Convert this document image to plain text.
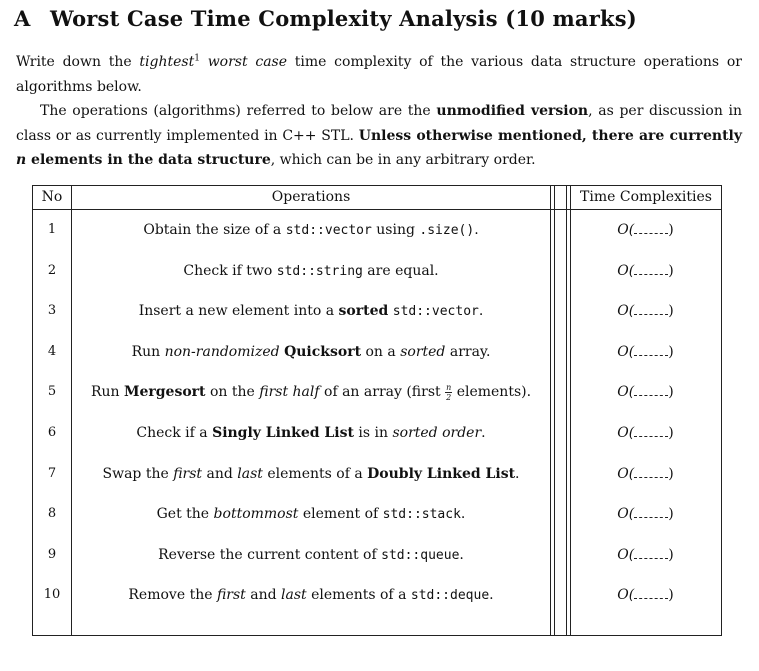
A Worst Case Time Complexity Analysis (10 marks)

Write down the tightest$^1$ worst case time complexity of the various data structure operations or algorithms below.

The operations (algorithms) referred to below are the unmodified version, as per discussion in class or as currently implemented in C++ STL. Unless otherwise mentioned, there are currently n elements in the data structure, which can be in any arbitrary order.

No	Operations	Time Complexities
1	Obtain the size of a std::vector using .size().	O( )
2	Check if two std::string are equal.	O( )
3	Insert a new element into a sorted std::vector.	O( )
4	Run non-randomized Quicksort on a sorted array.	O( )
5	Run Mergesort on the first half of an array (first $\frac{n}{2}$ elements).	O( )
6	Check if a Singly Linked List is in sorted order.	O( )
7	Swap the first and last elements of a Doubly Linked List.	O( )
8	Get the bottommost element of std::stack.	O( )
9	Reverse the current content of std::queue.	O( )
10	Remove the first and last elements of a std::deque.	O( )
